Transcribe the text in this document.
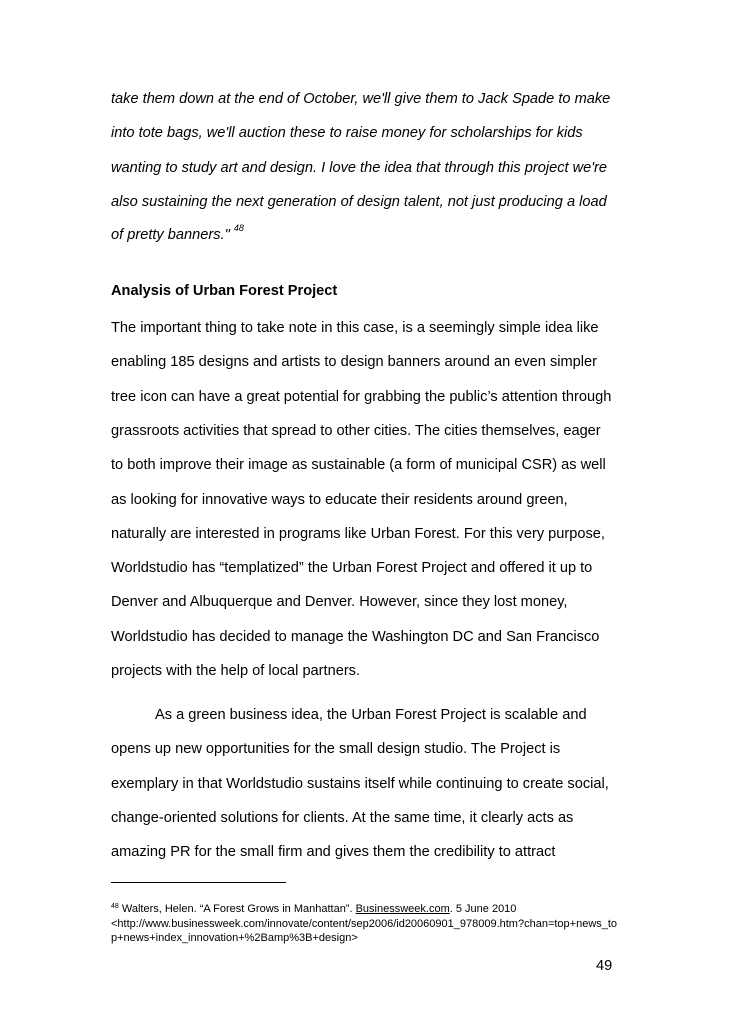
take them down at the end of October, we'll give them to Jack Spade to make
into tote bags, we'll auction these to raise money for scholarships for kids
wanting to study art and design. I love the idea that through this project we're
also sustaining the next generation of design talent, not just producing a load
of pretty banners." $^{48}$
Analysis of Urban Forest Project
The important thing to take note in this case, is a seemingly simple idea like
enabling 185 designs and artists to design banners around an even simpler
tree icon can have a great potential for grabbing the public’s attention through
grassroots activities that spread to other cities. The cities themselves, eager
to both improve their image as sustainable (a form of municipal CSR) as well
as looking for innovative ways to educate their residents around green,
naturally are interested in programs like Urban Forest. For this very purpose,
Worldstudio has “templatized” the Urban Forest Project and offered it up to
Denver and Albuquerque and Denver. However, since they lost money,
Worldstudio has decided to manage the Washington DC and San Francisco
projects with the help of local partners.
As a green business idea, the Urban Forest Project is scalable and
opens up new opportunities for the small design studio. The Project is
exemplary in that Worldstudio sustains itself while continuing to create social,
change-oriented solutions for clients. At the same time, it clearly acts as
amazing PR for the small firm and gives them the credibility to attract
$^{48}$ Walters, Helen. “A Forest Grows in Manhattan”. Businessweek.com. 5 June 2010
<http://www.businessweek.com/innovate/content/sep2006/id20060901_978009.htm?chan=top+news_to
p+news+index_innovation+%2Bamp%3B+design>
49
